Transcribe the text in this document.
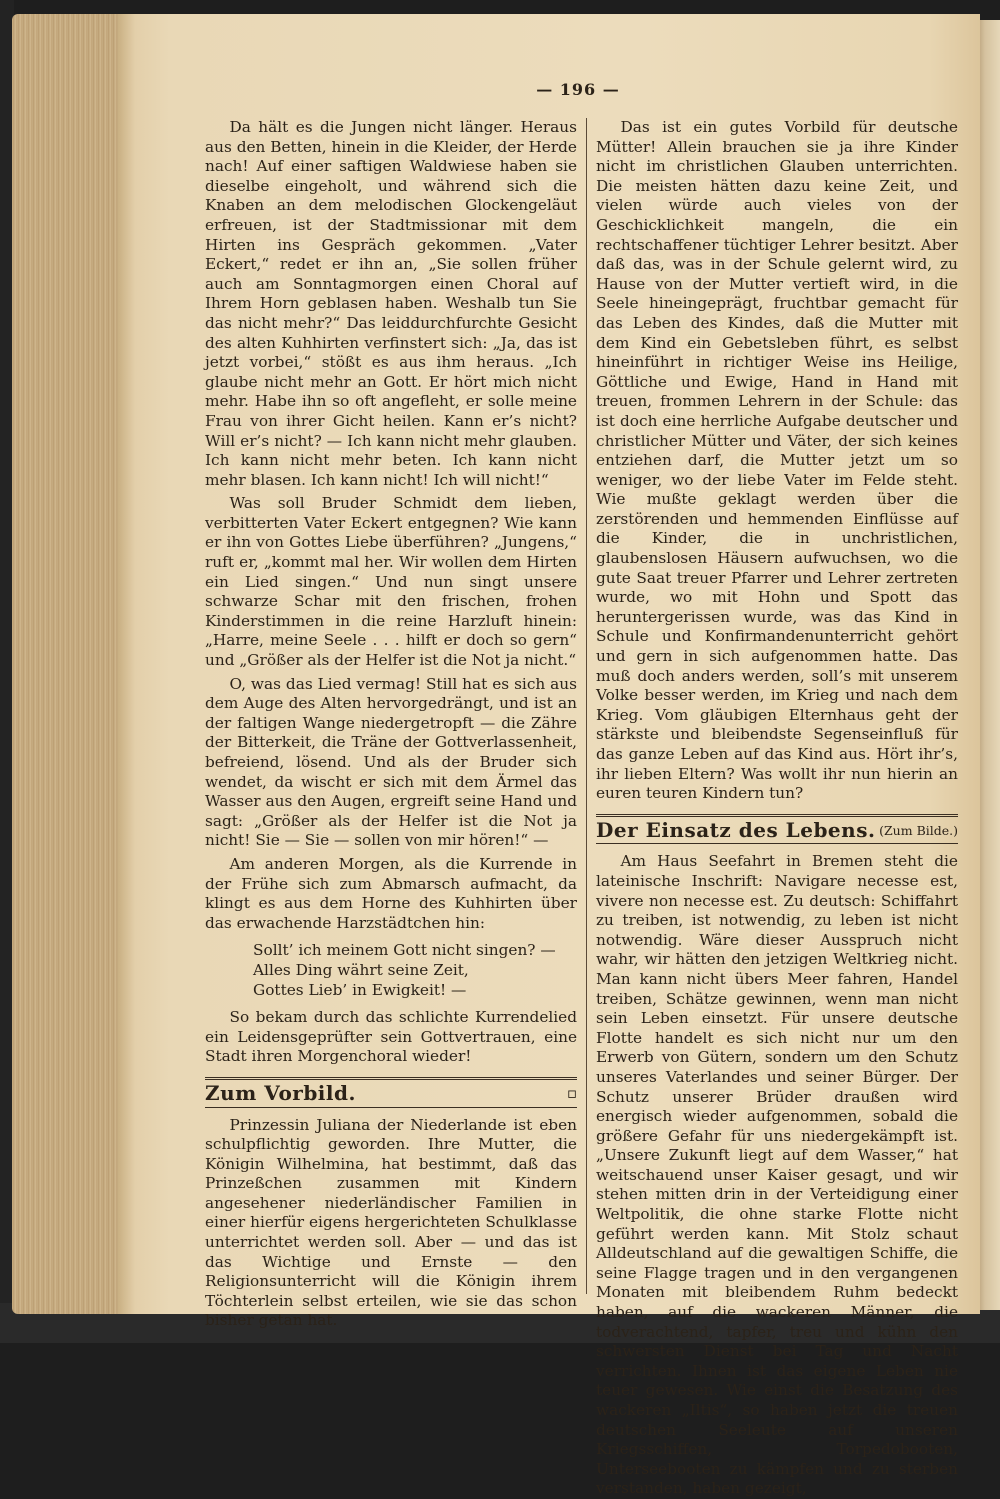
— 196 —

Da hält es die Jungen nicht länger. Heraus aus den Betten, hinein in die Kleider, der Herde nach! Auf einer saftigen Waldwiese haben sie dieselbe eingeholt, und während sich die Knaben an dem melodischen Glockengeläut erfreuen, ist der Stadtmissionar mit dem Hirten ins Gespräch gekommen. „Vater Eckert,“ redet er ihn an, „Sie sollen früher auch am Sonntagmorgen einen Choral auf Ihrem Horn geblasen haben. Weshalb tun Sie das nicht mehr?“ Das leiddurchfurchte Gesicht des alten Kuhhirten verfinstert sich: „Ja, das ist jetzt vorbei,“ stößt es aus ihm heraus. „Ich glaube nicht mehr an Gott. Er hört mich nicht mehr. Habe ihn so oft angefleht, er solle meine Frau von ihrer Gicht heilen. Kann er’s nicht? Will er’s nicht? — Ich kann nicht mehr glauben. Ich kann nicht mehr beten. Ich kann nicht mehr blasen. Ich kann nicht! Ich will nicht!“

Was soll Bruder Schmidt dem lieben, verbitterten Vater Eckert entgegnen? Wie kann er ihn von Gottes Liebe überführen? „Jungens,“ ruft er, „kommt mal her. Wir wollen dem Hirten ein Lied singen.“ Und nun singt unsere schwarze Schar mit den frischen, frohen Kinderstimmen in die reine Harzluft hinein: „Harre, meine Seele . . . hilft er doch so gern“ und „Größer als der Helfer ist die Not ja nicht.“

O, was das Lied vermag! Still hat es sich aus dem Auge des Alten hervorgedrängt, und ist an der faltigen Wange niedergetropft — die Zähre der Bitterkeit, die Träne der Gottverlassenheit, befreiend, lösend. Und als der Bruder sich wendet, da wischt er sich mit dem Ärmel das Wasser aus den Augen, ergreift seine Hand und sagt: „Größer als der Helfer ist die Not ja nicht! Sie — Sie — sollen von mir hören!“ —

Am anderen Morgen, als die Kurrende in der Frühe sich zum Abmarsch aufmacht, da klingt es aus dem Horne des Kuhhirten über das erwachende Harzstädtchen hin:

Sollt’ ich meinem Gott nicht singen? —
Alles Ding währt seine Zeit,
Gottes Lieb’ in Ewigkeit! —

So bekam durch das schlichte Kurrendelied ein Leidensgeprüfter sein Gottvertrauen, eine Stadt ihren Morgenchoral wieder!

Zum Vorbild.	▫

Prinzessin Juliana der Niederlande ist eben schulpflichtig geworden. Ihre Mutter, die Königin Wilhelmina, hat bestimmt, daß das Prinzeßchen zusammen mit Kindern angesehener niederländischer Familien in einer hierfür eigens hergerichteten Schulklasse unterrichtet werden soll. Aber — und das ist das Wichtige und Ernste — den Religionsunterricht will die Königin ihrem Töchterlein selbst erteilen, wie sie das schon bisher getan hat.

Das ist ein gutes Vorbild für deutsche Mütter! Allein brauchen sie ja ihre Kinder nicht im christlichen Glauben unterrichten. Die meisten hätten dazu keine Zeit, und vielen würde auch vieles von der Geschicklichkeit mangeln, die ein rechtschaffener tüchtiger Lehrer besitzt. Aber daß das, was in der Schule gelernt wird, zu Hause von der Mutter vertieft wird, in die Seele hineingeprägt, fruchtbar gemacht für das Leben des Kindes, daß die Mutter mit dem Kind ein Gebetsleben führt, es selbst hineinführt in richtiger Weise ins Heilige, Göttliche und Ewige, Hand in Hand mit treuen, frommen Lehrern in der Schule: das ist doch eine herrliche Aufgabe deutscher und christlicher Mütter und Väter, der sich keines entziehen darf, die Mutter jetzt um so weniger, wo der liebe Vater im Felde steht. Wie mußte geklagt werden über die zerstörenden und hemmenden Einflüsse auf die Kinder, die in unchristlichen, glaubenslosen Häusern aufwuchsen, wo die gute Saat treuer Pfarrer und Lehrer zertreten wurde, wo mit Hohn und Spott das heruntergerissen wurde, was das Kind in Schule und Konfirmandenunterricht gehört und gern in sich aufgenommen hatte. Das muß doch anders werden, soll’s mit unserem Volke besser werden, im Krieg und nach dem Krieg. Vom gläubigen Elternhaus geht der stärkste und bleibendste Segenseinfluß für das ganze Leben auf das Kind aus. Hört ihr’s, ihr lieben Eltern? Was wollt ihr nun hierin an euren teuren Kindern tun?

Der Einsatz des Lebens. (Zum Bilde.)

Am Haus Seefahrt in Bremen steht die lateinische Inschrift: Navigare necesse est, vivere non necesse est. Zu deutsch: Schiffahrt zu treiben, ist notwendig, zu leben ist nicht notwendig. Wäre dieser Ausspruch nicht wahr, wir hätten den jetzigen Weltkrieg nicht. Man kann nicht übers Meer fahren, Handel treiben, Schätze gewinnen, wenn man nicht sein Leben einsetzt. Für unsere deutsche Flotte handelt es sich nicht nur um den Erwerb von Gütern, sondern um den Schutz unseres Vaterlandes und seiner Bürger. Der Schutz unserer Brüder draußen wird energisch wieder aufgenommen, sobald die größere Gefahr für uns niedergekämpft ist. „Unsere Zukunft liegt auf dem Wasser,“ hat weitschauend unser Kaiser gesagt, und wir stehen mitten drin in der Verteidigung einer Weltpolitik, die ohne starke Flotte nicht geführt werden kann. Mit Stolz schaut Alldeutschland auf die gewaltigen Schiffe, die seine Flagge tragen und in den vergangenen Monaten mit bleibendem Ruhm bedeckt haben, auf die wackeren Männer, die todverachtend, tapfer, treu und kühn den schwersten Dienst bei Tag und Nacht verrichten. Ihnen ist das eigene Leben nie teuer gewesen. Wie einst die Besatzung des wackeren „Iltis“, so haben jetzt die treuen deutschen Seeleute auf unseren Kriegsschiffen, Torpedobooten, Unterseebooten zu kämpfen und zu sterben verstanden, haben gezeigt,
